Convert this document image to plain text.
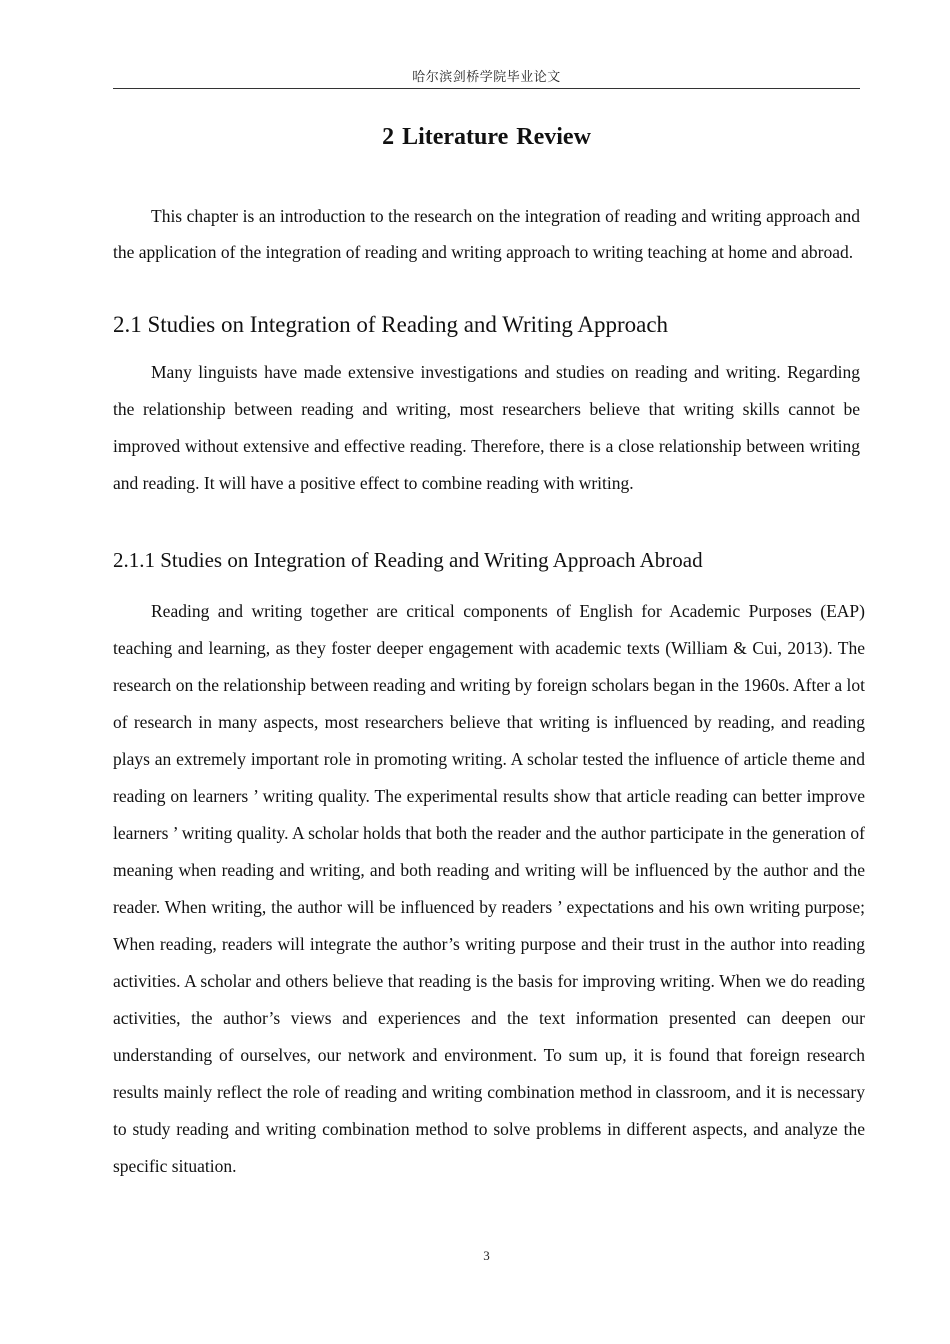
哈尔滨剑桥学院毕业论文
2 Literature Review

This chapter is an introduction to the research on the integration of reading and writing approach and the application of the integration of reading and writing approach to writing teaching at home and abroad.

2.1 Studies on Integration of Reading and Writing Approach

Many linguists have made extensive investigations and studies on reading and writing. Regarding the relationship between reading and writing, most researchers believe that writing skills cannot be improved without extensive and effective reading. Therefore, there is a close relationship between writing and reading. It will have a positive effect to combine reading with writing.

2.1.1 Studies on Integration of Reading and Writing Approach Abroad

Reading and writing together are critical components of English for Academic Purposes (EAP) teaching and learning, as they foster deeper engagement with academic texts (William & Cui, 2013). The research on the relationship between reading and writing by foreign scholars began in the 1960s. After a lot of research in many aspects, most researchers believe that writing is influenced by reading, and reading plays an extremely important role in promoting writing. A scholar tested the influence of article theme and reading on learners ’ writing quality. The experimental results show that article reading can better improve learners ’ writing quality. A scholar holds that both the reader and the author participate in the generation of meaning when reading and writing, and both reading and writing will be influenced by the author and the reader. When writing, the author will be influenced by readers ’ expectations and his own writing purpose; When reading, readers will integrate the author’s writing purpose and their trust in the author into reading activities. A scholar and others believe that reading is the basis for improving writing. When we do reading activities, the author’s views and experiences and the text information presented can deepen our understanding of ourselves, our network and environment. To sum up, it is found that foreign research results mainly reflect the role of reading and writing combination method in classroom, and it is necessary to study reading and writing combination method to solve problems in different aspects, and analyze the specific situation.

3
